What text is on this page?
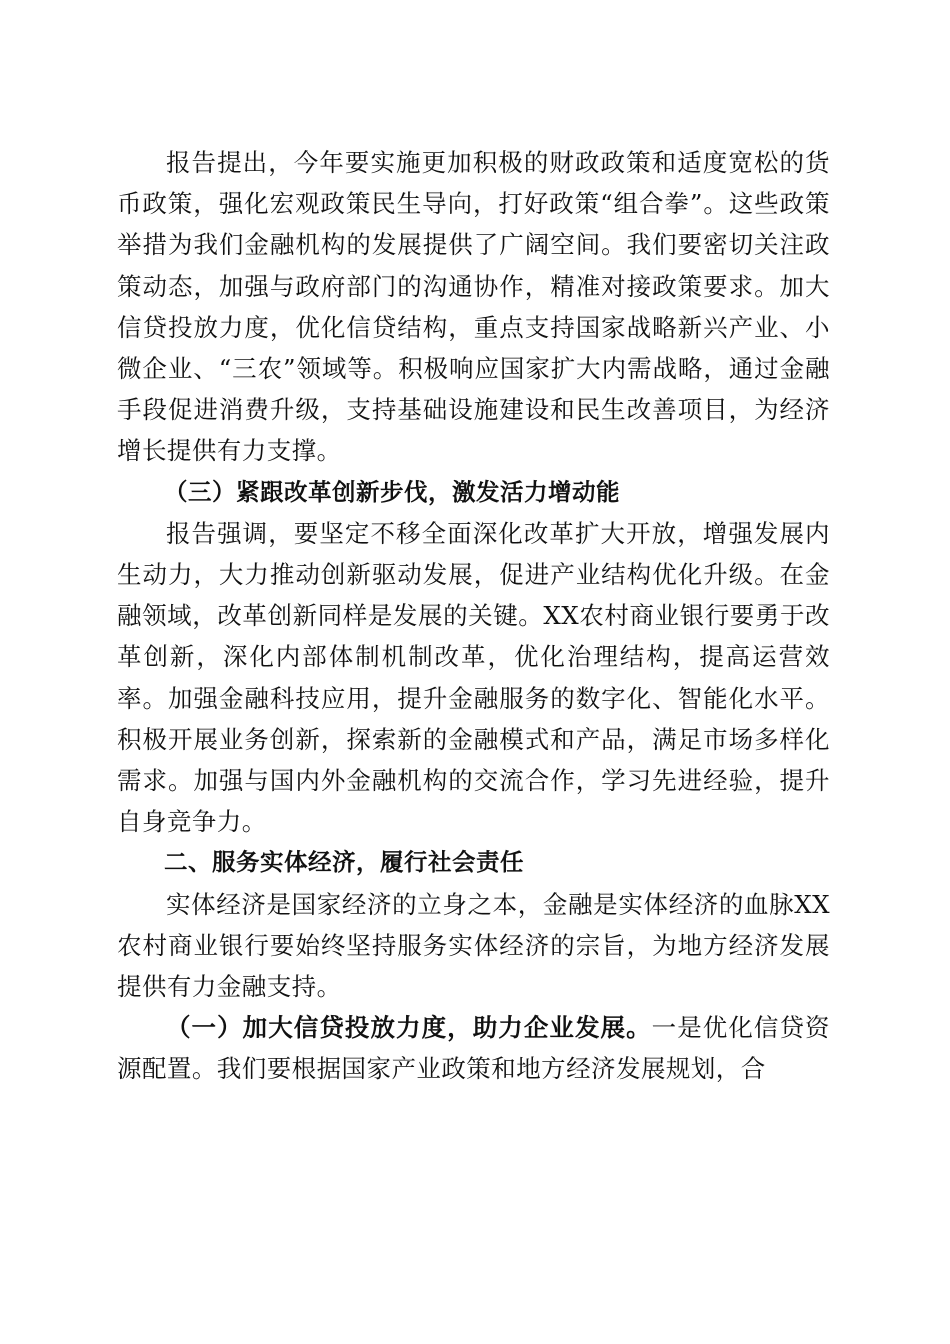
报告提出，今年要实施更加积极的财政政策和适度宽松的货币政策，强化宏观政策民生导向，打好政策“组合拳”。这些政策举措为我们金融机构的发展提供了广阔空间。我们要密切关注政策动态，加强与政府部门的沟通协作，精准对接政策要求。加大信贷投放力度，优化信贷结构，重点支持国家战略新兴产业、小微企业、“三农”领域等。积极响应国家扩大内需战略，通过金融手段促进消费升级，支持基础设施建设和民生改善项目，为经济增长提供有力支撑。

（三）紧跟改革创新步伐，激发活力增动能

报告强调，要坚定不移全面深化改革扩大开放，增强发展内生动力，大力推动创新驱动发展，促进产业结构优化升级。在金融领域，改革创新同样是发展的关键。XX农村商业银行要勇于改革创新，深化内部体制机制改革，优化治理结构，提高运营效率。加强金融科技应用，提升金融服务的数字化、智能化水平。积极开展业务创新，探索新的金融模式和产品，满足市场多样化需求。加强与国内外金融机构的交流合作，学习先进经验，提升自身竞争力。

二、服务实体经济，履行社会责任

实体经济是国家经济的立身之本，金融是实体经济的血脉XX农村商业银行要始终坚持服务实体经济的宗旨，为地方经济发展提供有力金融支持。

（一）加大信贷投放力度，助力企业发展。一是优化信贷资源配置。我们要根据国家产业政策和地方经济发展规划，合
